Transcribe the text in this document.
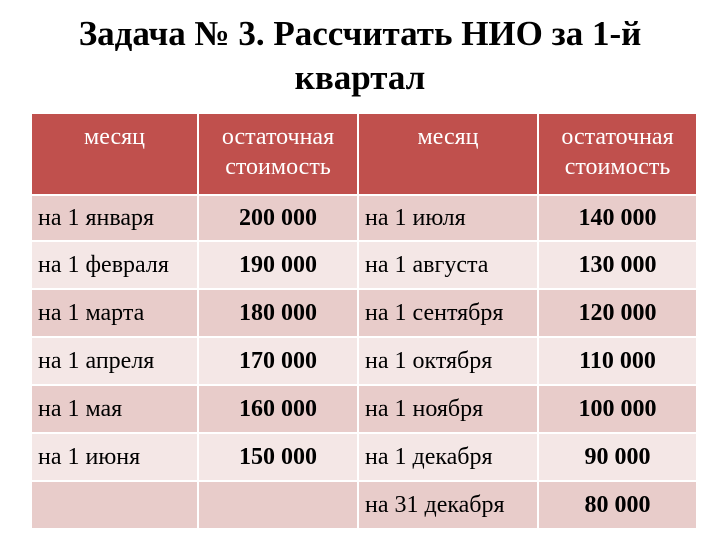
Задача № 3. Рассчитать НИО за 1-й
квартал
месяц	остаточная стоимость	месяц	остаточная стоимость
на 1 января	200 000	на 1 июля	140 000
на 1 февраля	190 000	на 1 августа	130 000
на 1 марта	180 000	на 1 сентября	120 000
на 1 апреля	170 000	на 1 октября	110 000
на 1 мая	160 000	на 1 ноября	100 000
на 1 июня	150 000	на 1 декабря	90 000
		на 31 декабря	80 000
